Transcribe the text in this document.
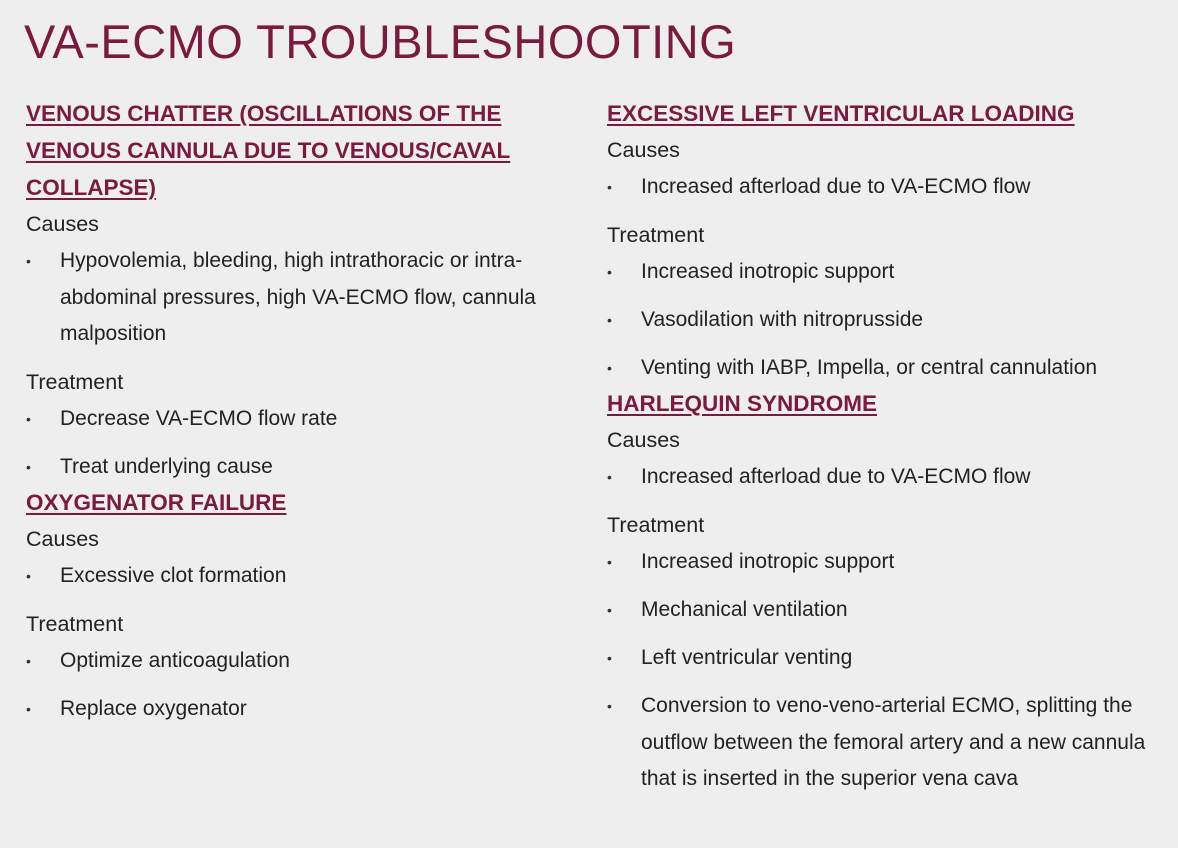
VA-ECMO TROUBLESHOOTING
VENOUS CHATTER (OSCILLATIONS OF THE VENOUS CANNULA DUE TO VENOUS/CAVAL COLLAPSE)
Causes
• Hypovolemia, bleeding, high intrathoracic or intra-abdominal pressures, high VA-ECMO flow, cannula malposition
Treatment
• Decrease VA-ECMO flow rate
• Treat underlying cause
OXYGENATOR FAILURE
Causes
• Excessive clot formation
Treatment
• Optimize anticoagulation
• Replace oxygenator
EXCESSIVE LEFT VENTRICULAR LOADING
Causes
• Increased afterload due to VA-ECMO flow
Treatment
• Increased inotropic support
• Vasodilation with nitroprusside
• Venting with IABP, Impella, or central cannulation
HARLEQUIN SYNDROME
Causes
• Increased afterload due to VA-ECMO flow
Treatment
• Increased inotropic support
• Mechanical ventilation
• Left ventricular venting
• Conversion to veno-veno-arterial ECMO, splitting the outflow between the femoral artery and a new cannula that is inserted in the superior vena cava
